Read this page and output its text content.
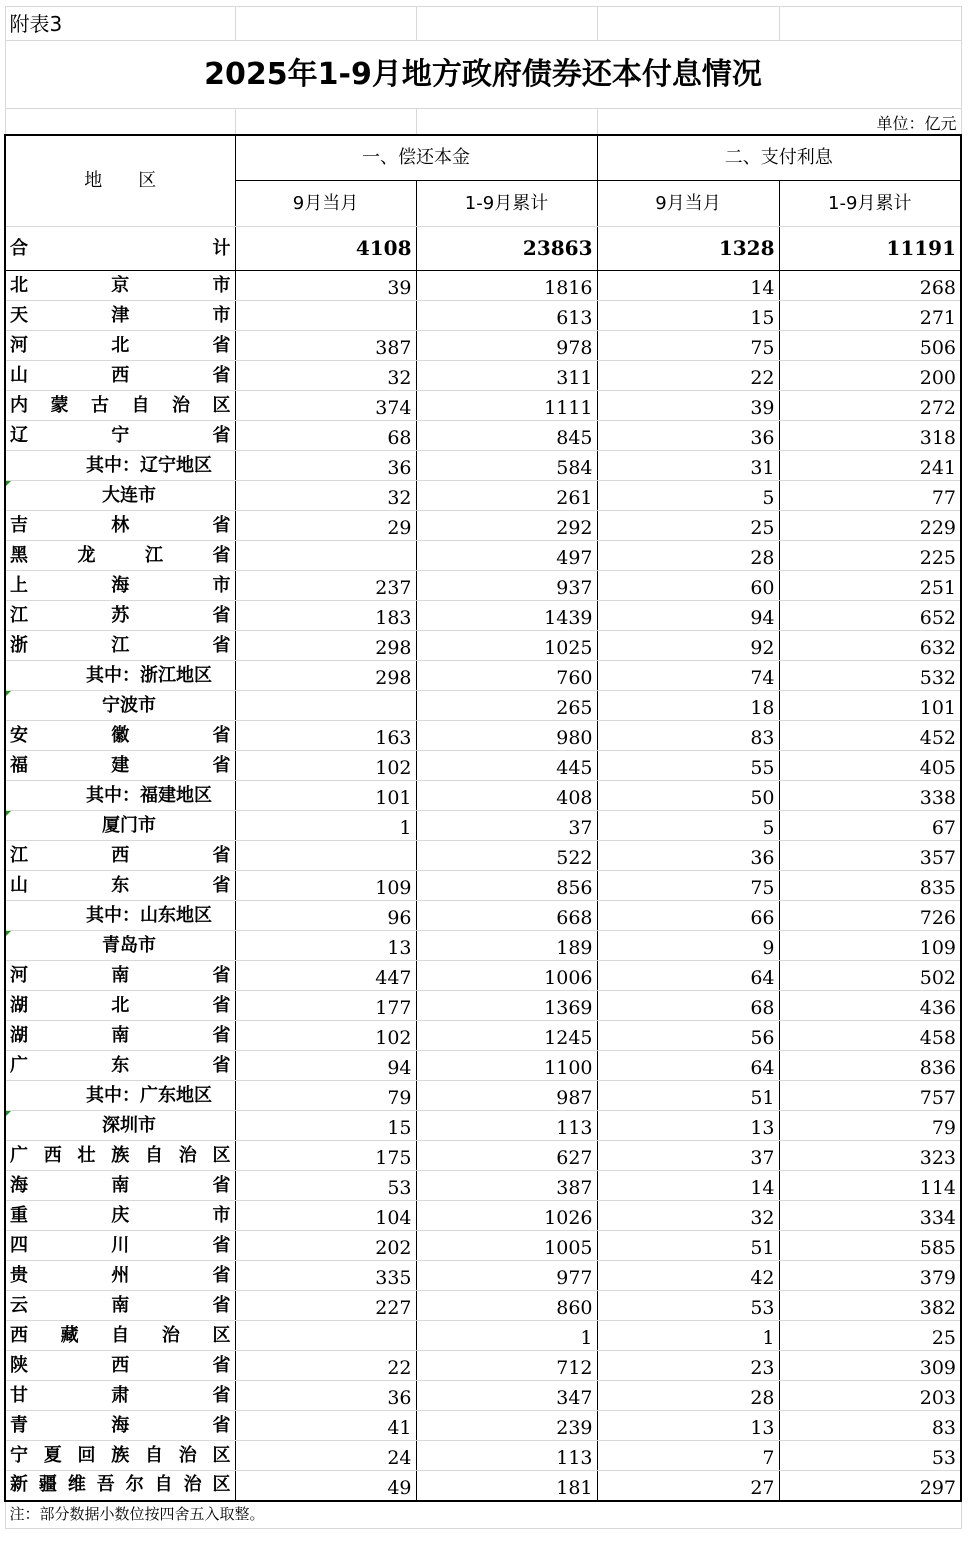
附表3				
2025年1-9月地方政府债券还本付息情况				
			单位：亿元	
地　　区	一、偿还本金		二、支付利息	
	9月当月	1-9月累计	9月当月	1-9月累计
合计	4108	23863	1328	11191
北京市	39	1816	14	268
天津市		613	15	271
河北省	387	978	75	506
山西省	32	311	22	200
内蒙古自治区	374	1111	39	272
辽宁省	68	845	36	318
其中：辽宁地区	36	584	31	241
大连市	32	261	5	77
吉林省	29	292	25	229
黑龙江省		497	28	225
上海市	237	937	60	251
江苏省	183	1439	94	652
浙江省	298	1025	92	632
其中：浙江地区	298	760	74	532
宁波市		265	18	101
安徽省	163	980	83	452
福建省	102	445	55	405
其中：福建地区	101	408	50	338
厦门市	1	37	5	67
江西省		522	36	357
山东省	109	856	75	835
其中：山东地区	96	668	66	726
青岛市	13	189	9	109
河南省	447	1006	64	502
湖北省	177	1369	68	436
湖南省	102	1245	56	458
广东省	94	1100	64	836
其中：广东地区	79	987	51	757
深圳市	15	113	13	79
广西壮族自治区	175	627	37	323
海南省	53	387	14	114
重庆市	104	1026	32	334
四川省	202	1005	51	585
贵州省	335	977	42	379
云南省	227	860	53	382
西藏自治区		1	1	25
陕西省	22	712	23	309
甘肃省	36	347	28	203
青海省	41	239	13	83
宁夏回族自治区	24	113	7	53
新疆维吾尔自治区	49	181	27	297
注：部分数据小数位按四舍五入取整。				
